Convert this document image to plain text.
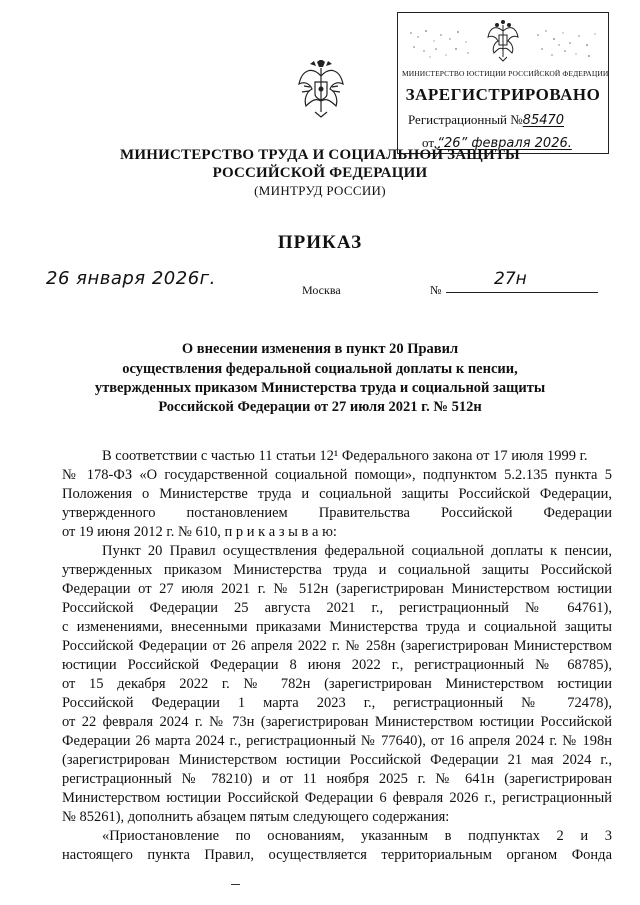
МИНИСТЕРСТВО ЮСТИЦИИ РОССИЙСКОЙ ФЕДЕРАЦИИ
ЗАРЕГИСТРИРОВАНО
Регистрационный №85470
от “26” февраля 2026.
МИНИСТЕРСТВО ТРУДА И СОЦИАЛЬНОЙ ЗАЩИТЫ
РОССИЙСКОЙ ФЕДЕРАЦИИ
(МИНТРУД РОССИИ)
ПРИКАЗ
26 января 2026г.
Москва	№
27н
О внесении изменения в пункт 20 Правил
осуществления федеральной социальной доплаты к пенсии,
утвержденных приказом Министерства труда и социальной защиты
Российской Федерации от 27 июля 2021 г. № 512н
В соответствии с частью 11 статьи 12¹ Федерального закона от 17 июля 1999 г.
№ 178-ФЗ «О государственной социальной помощи», подпунктом 5.2.135 пункта 5
Положения о Министерстве труда и социальной защиты Российской Федерации,
утвержденного постановлением Правительства Российской Федерации
от 19 июня 2012 г. № 610, п р и к а з ы в а ю:
Пункт 20 Правил осуществления федеральной социальной доплаты к пенсии,
утвержденных приказом Министерства труда и социальной защиты Российской
Федерации от 27 июля 2021 г. № 512н (зарегистрирован Министерством юстиции
Российской Федерации 25 августа 2021 г., регистрационный № 64761),
с изменениями, внесенными приказами Министерства труда и социальной защиты
Российской Федерации от 26 апреля 2022 г. № 258н (зарегистрирован Министерством
юстиции Российской Федерации 8 июня 2022 г., регистрационный № 68785),
от 15 декабря 2022 г. № 782н (зарегистрирован Министерством юстиции
Российской Федерации 1 марта 2023 г., регистрационный № 72478),
от 22 февраля 2024 г. № 73н (зарегистрирован Министерством юстиции Российской
Федерации 26 марта 2024 г., регистрационный № 77640), от 16 апреля 2024 г. № 198н
(зарегистрирован Министерством юстиции Российской Федерации 21 мая 2024 г.,
регистрационный № 78210) и от 11 ноября 2025 г. № 641н (зарегистрирован
Министерством юстиции Российской Федерации 6 февраля 2026 г., регистрационный
№ 85261), дополнить абзацем пятым следующего содержания:
«Приостановление по основаниям, указанным в подпунктах 2 и 3
настоящего пункта Правил, осуществляется территориальным органом Фонда
